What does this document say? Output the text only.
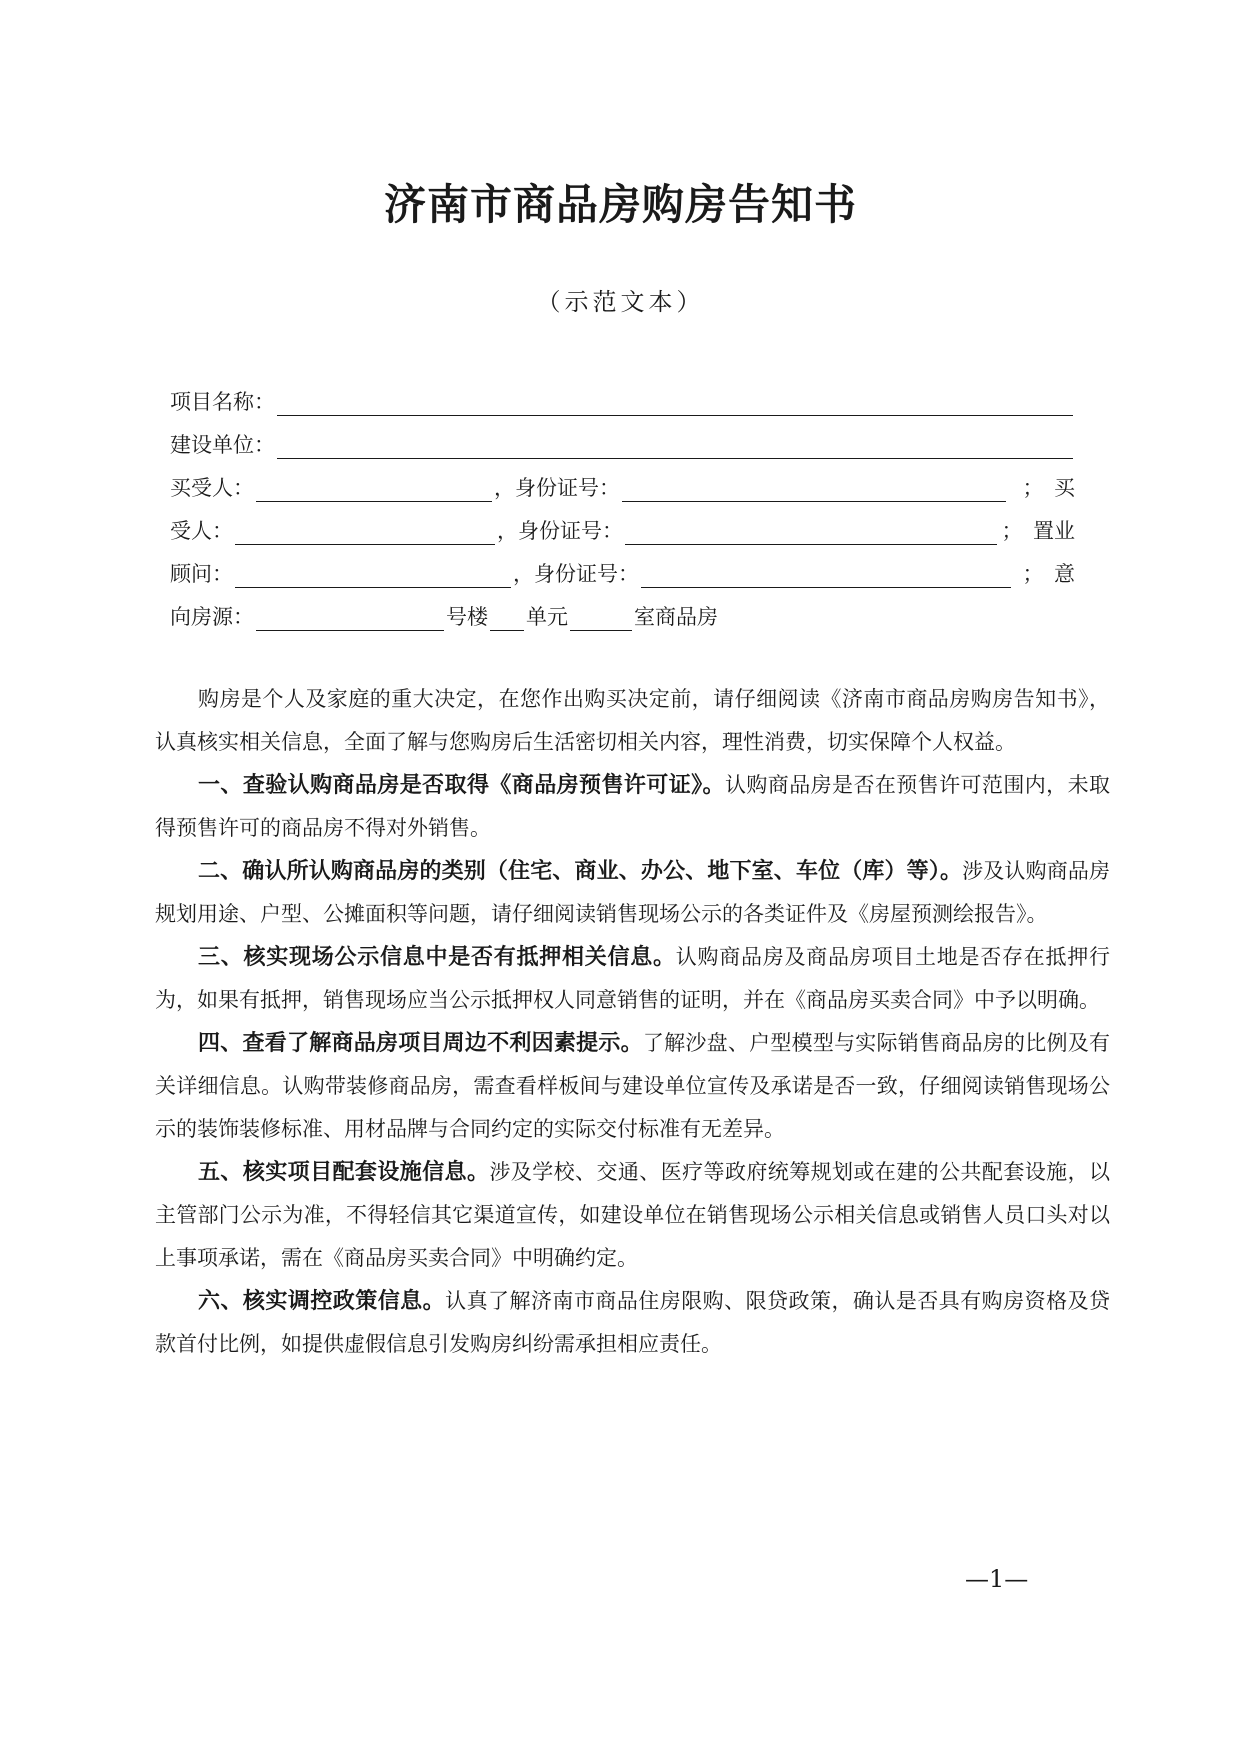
济南市商品房购房告知书
（示范文本）
项目名称：
建设单位：
买受人：	，身份证号：	；　买
受人：	，身份证号：	；　置业
顾问：	，身份证号：	；　意
向房源：	号楼 单元	室商品房

购房是个人及家庭的重大决定，在您作出购买决定前，请仔细阅读《济南市商品房购房告知书》，认真核实相关信息，全面了解与您购房后生活密切相关内容，理性消费，切实保障个人权益。

一、查验认购商品房是否取得《商品房预售许可证》。认购商品房是否在预售许可范围内，未取得预售许可的商品房不得对外销售。

二、确认所认购商品房的类别（住宅、商业、办公、地下室、车位（库）等）。涉及认购商品房规划用途、户型、公摊面积等问题，请仔细阅读销售现场公示的各类证件及《房屋预测绘报告》。

三、核实现场公示信息中是否有抵押相关信息。认购商品房及商品房项目土地是否存在抵押行为，如果有抵押，销售现场应当公示抵押权人同意销售的证明，并在《商品房买卖合同》中予以明确。

四、查看了解商品房项目周边不利因素提示。了解沙盘、户型模型与实际销售商品房的比例及有关详细信息。认购带装修商品房，需查看样板间与建设单位宣传及承诺是否一致，仔细阅读销售现场公示的装饰装修标准、用材品牌与合同约定的实际交付标准有无差异。

五、核实项目配套设施信息。涉及学校、交通、医疗等政府统筹规划或在建的公共配套设施，以主管部门公示为准，不得轻信其它渠道宣传，如建设单位在销售现场公示相关信息或销售人员口头对以上事项承诺，需在《商品房买卖合同》中明确约定。

六、核实调控政策信息。认真了解济南市商品住房限购、限贷政策，确认是否具有购房资格及贷款首付比例，如提供虚假信息引发购房纠纷需承担相应责任。

—1—
